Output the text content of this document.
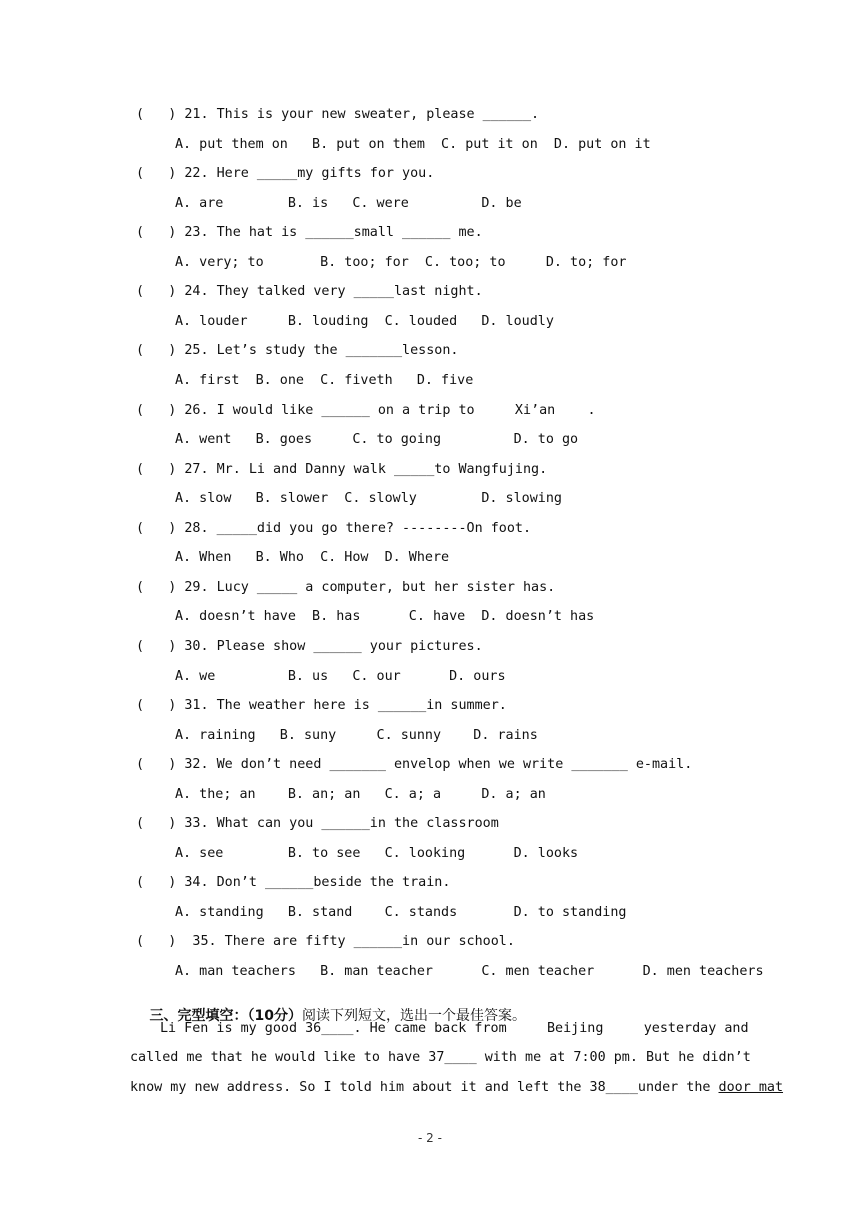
(   ) 21. This is your new sweater, please ______.
A. put them on   B. put on them  C. put it on  D. put on it
(   ) 22. Here _____my gifts for you.
A. are        B. is   C. were         D. be
(   ) 23. The hat is ______small ______ me.
A. very; to       B. too; for  C. too; to     D. to; for
(   ) 24. They talked very _____last night.
A. louder     B. louding  C. louded   D. loudly
(   ) 25. Let’s study the _______lesson.
A. first  B. one  C. fiveth   D. five
(   ) 26. I would like ______ on a trip to     Xi’an    .
A. went   B. goes     C. to going         D. to go
(   ) 27. Mr. Li and Danny walk _____to Wangfujing.
A. slow   B. slower  C. slowly        D. slowing
(   ) 28. _____did you go there? --------On foot.
A. When   B. Who  C. How  D. Where
(   ) 29. Lucy _____ a computer, but her sister has.
A. doesn’t have  B. has      C. have  D. doesn’t has
(   ) 30. Please show ______ your pictures.
A. we         B. us   C. our      D. ours
(   ) 31. The weather here is ______in summer.
A. raining   B. suny     C. sunny    D. rains
(   ) 32. We don’t need _______ envelop when we write _______ e-mail.
A. the; an    B. an; an   C. a; a     D. a; an
(   ) 33. What can you ______in the classroom
A. see        B. to see   C. looking      D. looks
(   ) 34. Don’t ______beside the train.
A. standing   B. stand    C. stands       D. to standing
(   )  35. There are fifty ______in our school.
A. man teachers   B. man teacher      C. men teacher      D. men teachers

三、完型填空：（10分）阅读下列短文，选出一个最佳答案。

Li Fen is my good 36____. He came back from     Beijing     yesterday and
called me that he would like to have 37____ with me at 7:00 pm. But he didn’t
know my new address. So I told him about it and left the 38____under the door mat
- 2 -
